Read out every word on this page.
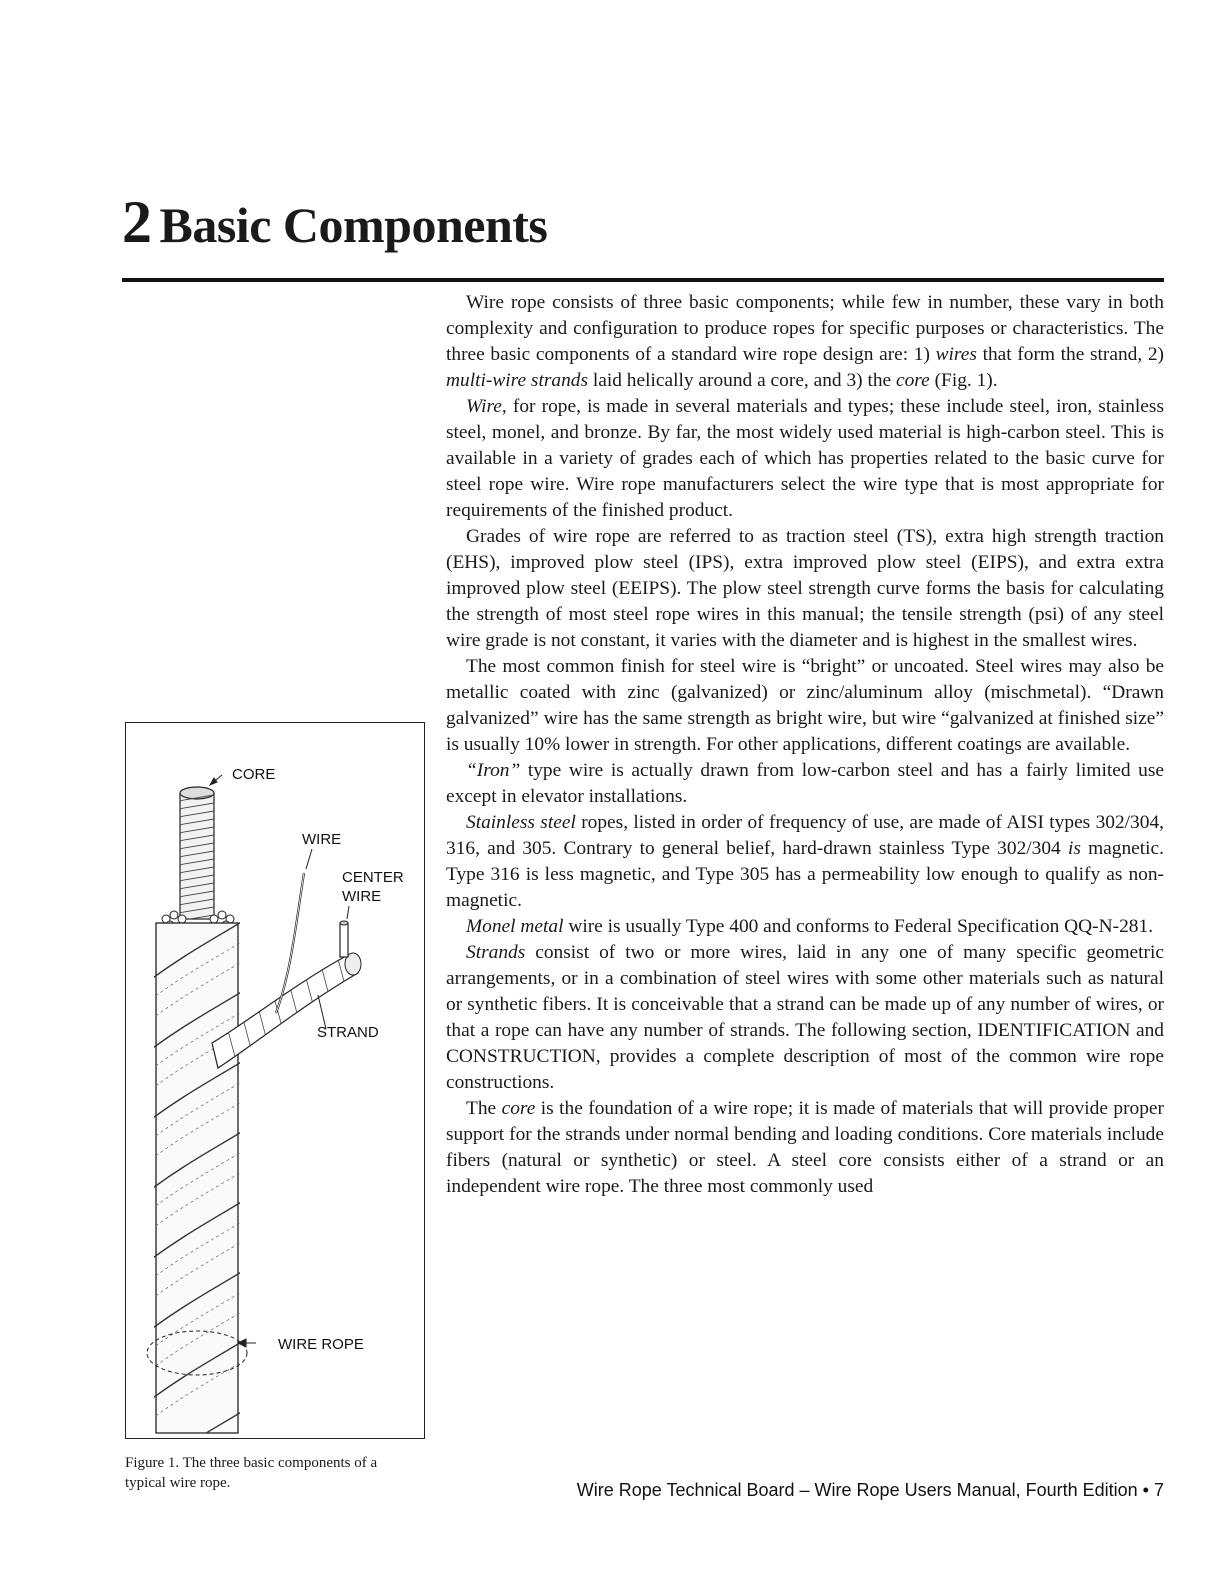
2 Basic Components

Wire rope consists of three basic components; while few in number, these vary in both complexity and configuration to produce ropes for specific purposes or characteristics. The three basic components of a standard wire rope design are: 1) wires that form the strand, 2) multi-wire strands laid helically around a core, and 3) the core (Fig. 1).

Wire, for rope, is made in several materials and types; these include steel, iron, stainless steel, monel, and bronze. By far, the most widely used material is high-carbon steel. This is available in a variety of grades each of which has properties related to the basic curve for steel rope wire. Wire rope manufacturers select the wire type that is most appropriate for requirements of the finished product.

Grades of wire rope are referred to as traction steel (TS), extra high strength traction (EHS), improved plow steel (IPS), extra improved plow steel (EIPS), and extra extra improved plow steel (EEIPS). The plow steel strength curve forms the basis for calculating the strength of most steel rope wires in this manual; the tensile strength (psi) of any steel wire grade is not constant, it varies with the diameter and is highest in the smallest wires.

The most common finish for steel wire is “bright” or uncoated. Steel wires may also be metallic coated with zinc (galvanized) or zinc/aluminum alloy (mischmetal). “Drawn galvanized” wire has the same strength as bright wire, but wire “galvanized at finished size” is usually 10% lower in strength. For other applications, different coatings are available.

“Iron” type wire is actually drawn from low-carbon steel and has a fairly limited use except in elevator installations.

Stainless steel ropes, listed in order of frequency of use, are made of AISI types 302/304, 316, and 305. Contrary to general belief, hard-drawn stainless Type 302/304 is magnetic. Type 316 is less magnetic, and Type 305 has a permeability low enough to qualify as non-magnetic.

Monel metal wire is usually Type 400 and conforms to Federal Specification QQ-N-281.

Strands consist of two or more wires, laid in any one of many specific geometric arrangements, or in a combination of steel wires with some other materials such as natural or synthetic fibers. It is conceivable that a strand can be made up of any number of wires, or that a rope can have any number of strands. The following section, IDENTIFICATION and CONSTRUCTION, provides a complete description of most of the common wire rope constructions.

The core is the foundation of a wire rope; it is made of materials that will provide proper support for the strands under normal bending and loading conditions. Core materials include fibers (natural or synthetic) or steel. A steel core consists either of a strand or an independent wire rope. The three most commonly used

CORE
WIRE
CENTER
WIRE
STRAND
WIRE ROPE
Figure 1. The three basic components of a typical wire rope.	Wire Rope Technical Board – Wire Rope Users Manual, Fourth Edition • 7
